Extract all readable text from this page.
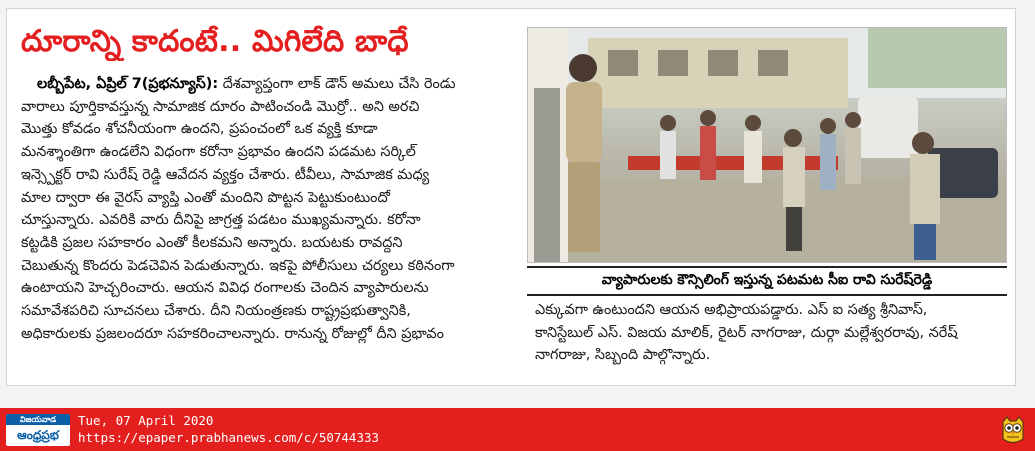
దూరాన్ని కాదంటే.. మిగిలేది బాధే
లబ్బీపేట, ఏప్రిల్ 7(ప్రభన్యూస్): దేశవ్యాప్తంగా లాక్ డౌన్ అమలు చేసి రెండు
వారాలు పూర్తికావస్తున్న సామాజిక దూరం పాటించండి మొర్రో.. అని అరచి
మొత్తు కోవడం శోచనీయంగా ఉందని, ప్రపంచంలో ఒక వ్యక్తి కూడా
మనశ్శాంతిగా ఉండలేని విధంగా కరోనా ప్రభావం ఉందని పడమట సర్కిల్
ఇన్స్పెక్టర్ రావి సురేష్ రెడ్డి ఆవేదన వ్యక్తం చేశారు. టీవీలు, సామాజిక మధ్య
మాల ద్వారా ఈ వైరస్ వ్యాప్తి ఎంతో మందిని పొట్టన పెట్టుకుంటుందో
చూస్తున్నారు. ఎవరికి వారు దీనిపై జాగ్రత్త పడటం ముఖ్యమన్నారు. కరోనా
కట్టడికి ప్రజల సహకారం ఎంతో కీలకమని అన్నారు. బయటకు రావద్దని
చెబుతున్న కొందరు పెడచెవిన పెడుతున్నారు. ఇకపై పోలీసులు చర్యలు కఠినంగా
ఉంటాయని హెచ్చరించారు. ఆయన వివిధ రంగాలకు చెందిన వ్యాపారులను
సమావేశపరిచి సూచనలు చేశారు. దీని నియంత్రణకు రాష్ట్రప్రభుత్వానికి,
అధికారులకు ప్రజలందరూ సహకరించాలన్నారు. రానున్న రోజుల్లో దీని ప్రభావం
వ్యాపారులకు కౌన్సిలింగ్ ఇస్తున్న పటమట సీఐ రావి సురేష్‌రెడ్డి
ఎక్కువగా ఉంటుందని ఆయన అభిప్రాయపడ్డారు. ఎస్ ఐ సత్య శ్రీనివాస్,
కానిస్టేబుల్ ఎస్. విజయ మాలిక్, రైటర్ నాగరాజు, దుర్గా మల్లేశ్వరరావు, నరేష్
నాగరాజు, సిబ్బంది పాల్గొన్నారు.
విజయవాడ
ఆంధ్రప్రభ
Tue, 07 April 2020
https://epaper.prabhanews.com/c/50744333
